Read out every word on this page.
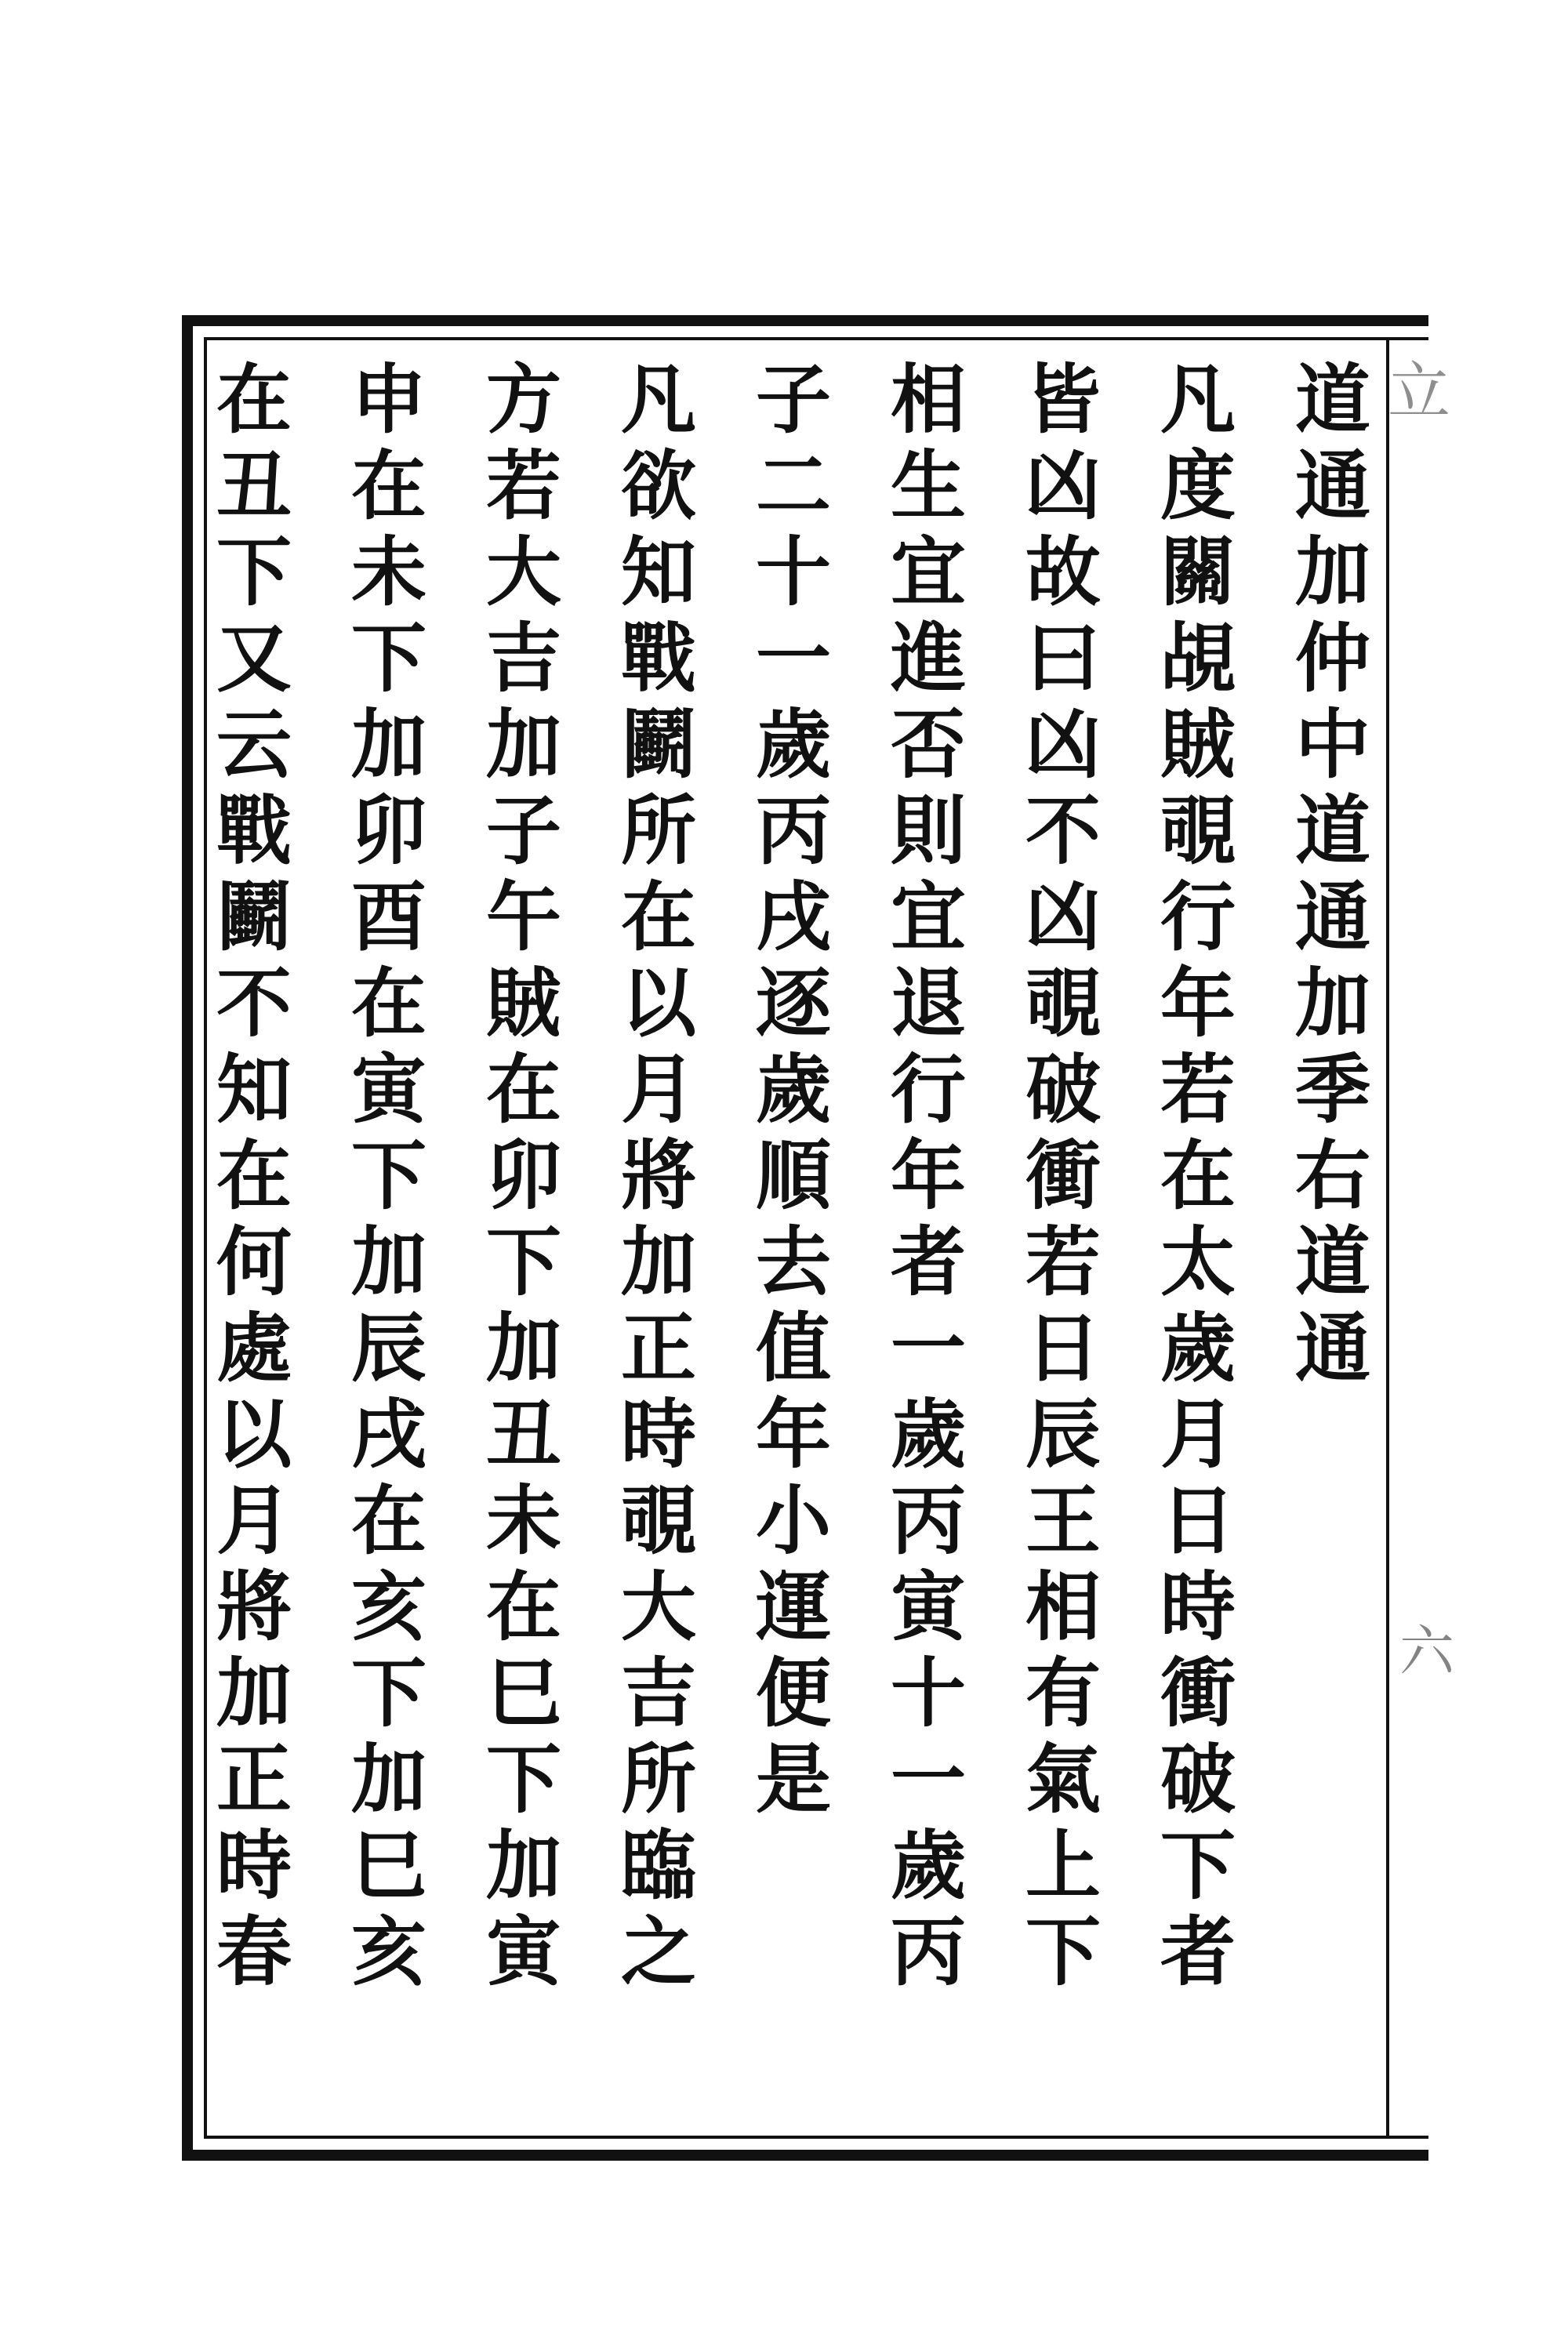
立
六
道
通
加
仲
中
道
通
加
季
右
道
通
凡
度
關
覘
賊
覗
行
年
若
在
太
歲
月
日
時
衝
破
下
者
皆
凶
故
曰
凶
不
凶
覗
破
衝
若
日
辰
王
相
有
氣
上
下
相
生
宜
進
否
則
宜
退
行
年
者
一
歲
丙
寅
十
一
歲
丙
子
二
十
一
歲
丙
戌
逐
歲
順
去
值
年
小
運
便
是
凡
欲
知
戰
鬬
所
在
以
月
將
加
正
時
覗
大
吉
所
臨
之
方
若
大
吉
加
子
午
賊
在
卯
下
加
丑
未
在
巳
下
加
寅
申
在
未
下
加
卯
酉
在
寅
下
加
辰
戌
在
亥
下
加
巳
亥
在
丑
下
又
云
戰
鬬
不
知
在
何
處
以
月
將
加
正
時
春
